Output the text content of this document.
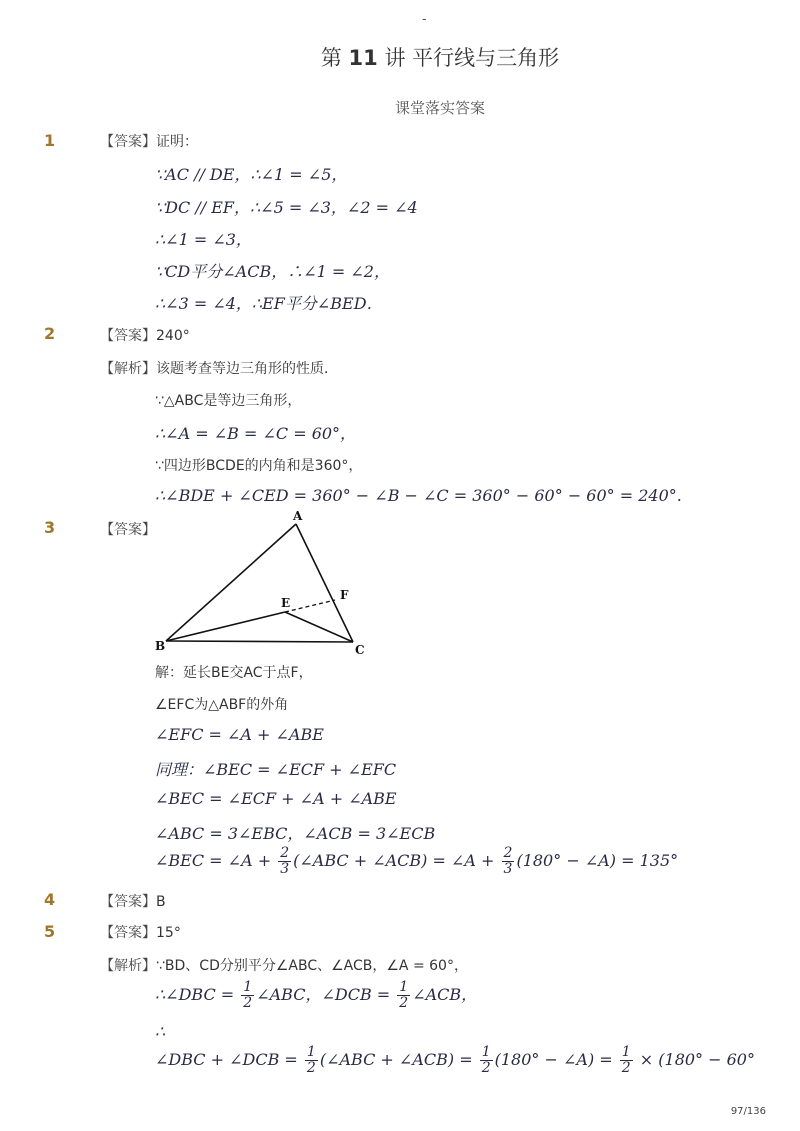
-
第 11 讲 平行线与三角形
课堂落实答案
1	【答案】证明：
∵AC // DE，∴∠1 = ∠5，
∵DC // EF，∴∠5 = ∠3，∠2 = ∠4
∴∠1 = ∠3，
∵CD平分∠ACB，∴∠1 = ∠2，
∴∠3 = ∠4，∴EF平分∠BED．
2	【答案】240°
【解析】该题考查等边三角形的性质．
∵△ABC是等边三角形，
∴∠A = ∠B = ∠C = 60°，
∵四边形BCDE的内角和是360°，
∴∠BDE + ∠CED = 360° − ∠B − ∠C = 360° − 60° − 60° = 240°.
3	【答案】
A
B	C
E
F
解：延长BE交AC于点F，
∠EFC为△ABF的外角
∠EFC = ∠A + ∠ABE
同理：∠BEC = ∠ECF + ∠EFC
∠BEC = ∠ECF + ∠A + ∠ABE
∠ABC = 3∠EBC，∠ACB = 3∠ECB
∠BEC = ∠A + $\frac{2}{3}$ (∠ABC + ∠ACB) = ∠A + $\frac{2}{3} (180^\circ$ − ∠A) = 135°
4	【答案】B
5	【答案】15°
【解析】∵BD、CD分别平分∠ABC、∠ACB，∠A = 60°，
∴∠DBC = $\frac{1}{2}$ ∠ABC，∠DCB = $\frac{1}{2}$ ∠ACB，
∴
∠DBC + ∠DCB = $\frac{1}{2}$ (∠ABC + ∠ACB) = $\frac{1}{2} (180^\circ$ − ∠A) = $\frac{1}{2} \times (180^\circ - 60^\circ$
97/136
